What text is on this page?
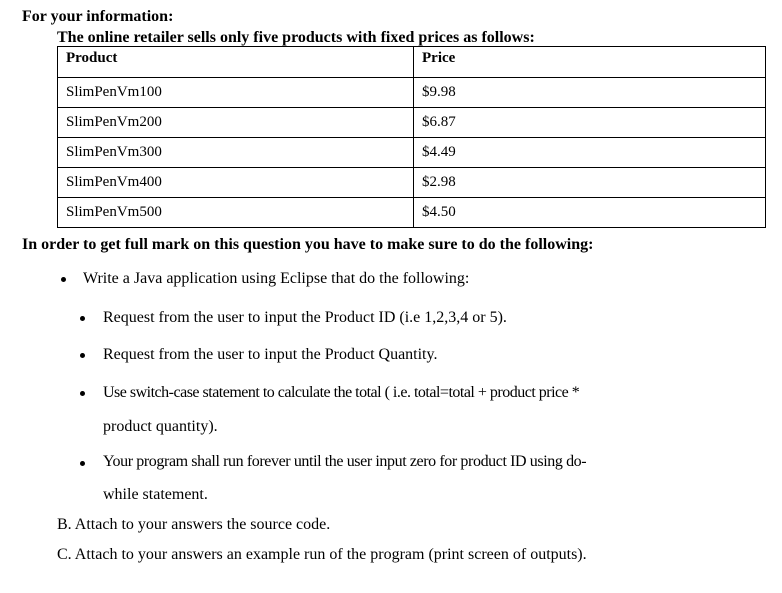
For your information:
The online retailer sells only five products with fixed prices as follows:
Product	Price
SlimPenVm100	$9.98
SlimPenVm200	$6.87
SlimPenVm300	$4.49
SlimPenVm400	$2.98
SlimPenVm500	$4.50
In order to get full mark on this question you have to make sure to do the following:
Write a Java application using Eclipse that do the following:
Request from the user to input the Product ID (i.e 1,2,3,4 or 5).
Request from the user to input the Product Quantity.
Use switch-case statement to calculate the total ( i.e. total=total + product price *
product quantity).
Your program shall run forever until the user input zero for product ID using do-
while statement.
B. Attach to your answers the source code.
C. Attach to your answers an example run of the program (print screen of outputs).
